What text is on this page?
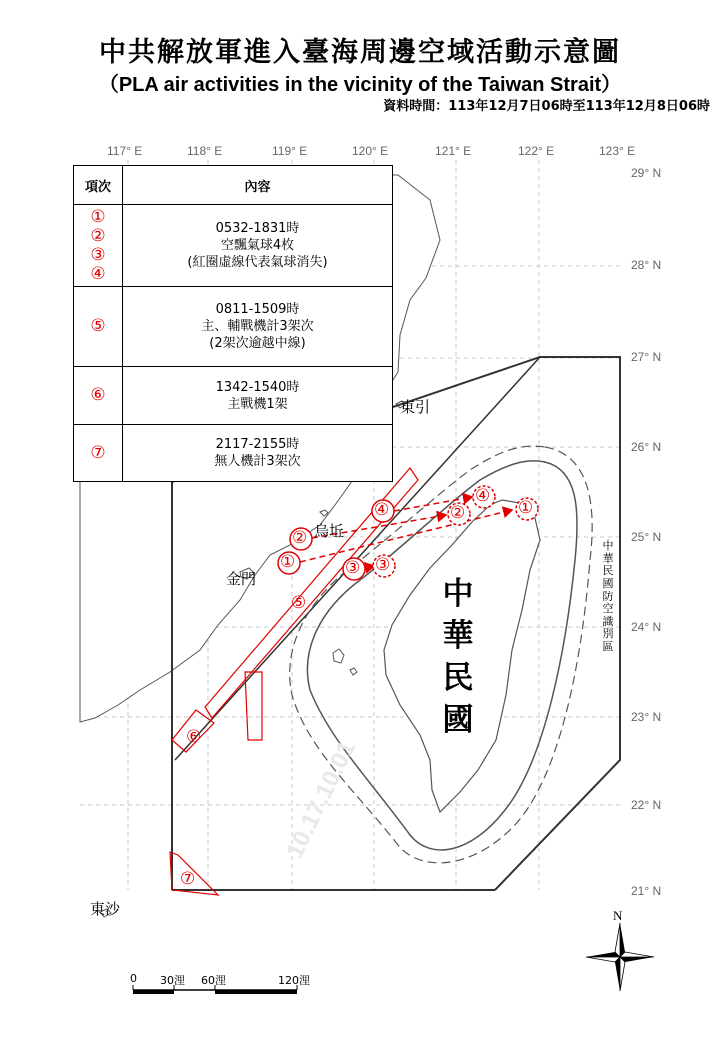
中共解放軍進入臺海周邊空域活動示意圖
（PLA air activities in the vicinity of the Taiwan Strait）
資料時間：113年12月7日06時至113年12月8日06時
117° E	118° E	119° E	120° E	121° E	122° E	123° E
29° N
28° N
27° N
26° N
25° N
24° N
23° N
22° N
21° N
10.17.10.01
①
②
③
④	①
②
④
③
⑤
⑥
⑦
東引
烏坵
金門
東沙
中
華
民
國
中華民國防空識別區
項次	內容
①
②
③
④	0532-1831時
空飄氣球4枚
(紅圈虛線代表氣球消失)
⑤	0811-1509時
主、輔戰機計3架次
(2架次逾越中線)
⑥	1342-1540時
主戰機1架
⑦	2117-2155時
無人機計3架次
0 30浬 60浬	120浬
N
